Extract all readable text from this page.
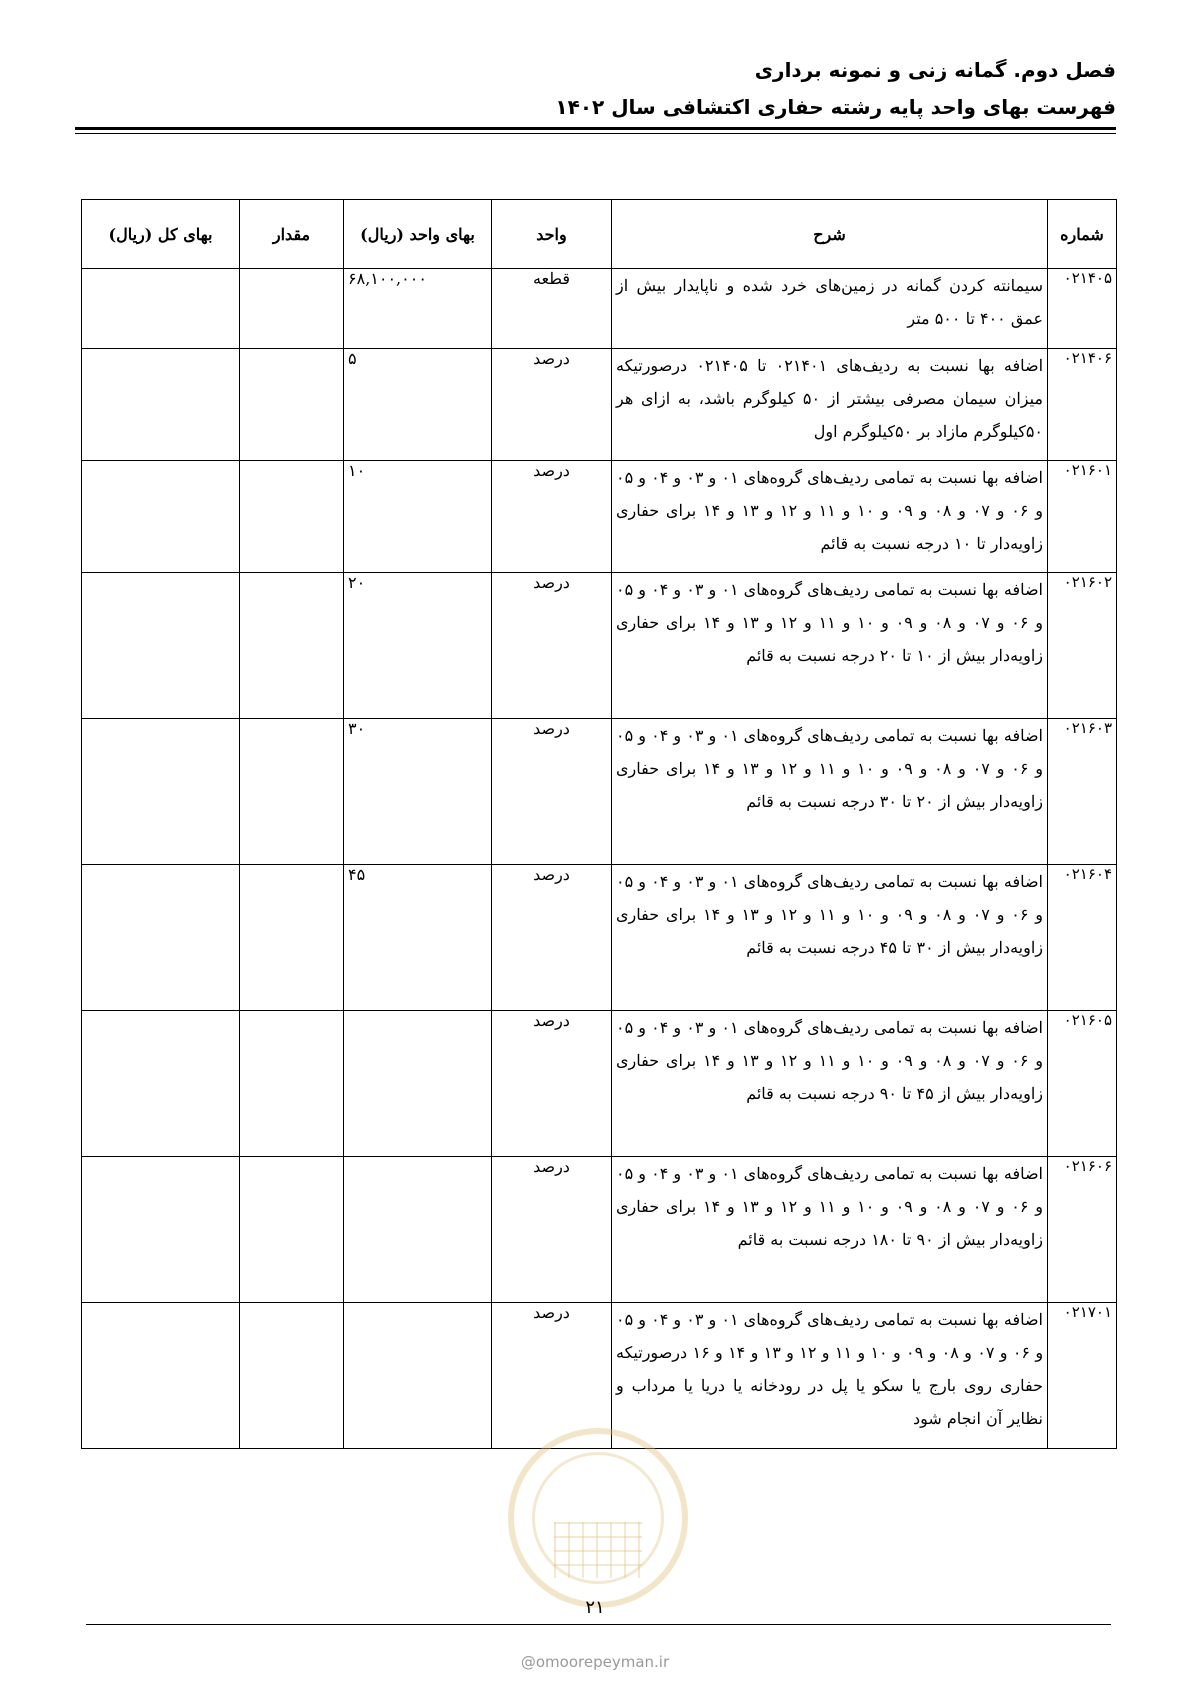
فصل دوم. گمانه زنی و نمونه برداری
فهرست بهای واحد پایه رشته حفاری اکتشافی سال ۱۴۰۲
شماره	شرح	واحد	بهای واحد (ریال)	مقدار	بهای کل (ریال)
۰۲۱۴۰۵	سیمانته کردن گمانه در زمین‌های خرد شده و ناپایدار بیش از عمق ۴۰۰ تا ۵۰۰ متر	قطعه	۶۸,۱۰۰,۰۰۰		
۰۲۱۴۰۶	اضافه بها نسبت به ردیف‌های ۰۲۱۴۰۱ تا ۰۲۱۴۰۵ درصورتیکه میزان سیمان مصرفی بیشتر از ۵۰ کیلوگرم باشد، به ازای هر ۵۰کیلوگرم مازاد بر ۵۰کیلوگرم اول	درصد	۵		
۰۲۱۶۰۱	اضافه بها نسبت به تمامی ردیف‌های گروه‌های ۰۱ و ۰۳ و ۰۴ و ۰۵ و ۰۶ و ۰۷ و ۰۸ و ۰۹ و ۱۰ و ۱۱ و ۱۲ و ۱۳ و ۱۴ برای حفاری زاویه‌دار تا ۱۰ درجه نسبت به قائم	درصد	۱۰		
۰۲۱۶۰۲	اضافه بها نسبت به تمامی ردیف‌های گروه‌های ۰۱ و ۰۳ و ۰۴ و ۰۵ و ۰۶ و ۰۷ و ۰۸ و ۰۹ و ۱۰ و ۱۱ و ۱۲ و ۱۳ و ۱۴ برای حفاری زاویه‌دار بیش از ۱۰ تا ۲۰ درجه نسبت به قائم	درصد	۲۰		
۰۲۱۶۰۳	اضافه بها نسبت به تمامی ردیف‌های گروه‌های ۰۱ و ۰۳ و ۰۴ و ۰۵ و ۰۶ و ۰۷ و ۰۸ و ۰۹ و ۱۰ و ۱۱ و ۱۲ و ۱۳ و ۱۴ برای حفاری زاویه‌دار بیش از ۲۰ تا ۳۰ درجه نسبت به قائم	درصد	۳۰		
۰۲۱۶۰۴	اضافه بها نسبت به تمامی ردیف‌های گروه‌های ۰۱ و ۰۳ و ۰۴ و ۰۵ و ۰۶ و ۰۷ و ۰۸ و ۰۹ و ۱۰ و ۱۱ و ۱۲ و ۱۳ و ۱۴ برای حفاری زاویه‌دار بیش از ۳۰ تا ۴۵ درجه نسبت به قائم	درصد	۴۵		
۰۲۱۶۰۵	اضافه بها نسبت به تمامی ردیف‌های گروه‌های ۰۱ و ۰۳ و ۰۴ و ۰۵ و ۰۶ و ۰۷ و ۰۸ و ۰۹ و ۱۰ و ۱۱ و ۱۲ و ۱۳ و ۱۴ برای حفاری زاویه‌دار بیش از ۴۵ تا ۹۰ درجه نسبت به قائم	درصد			
۰۲۱۶۰۶	اضافه بها نسبت به تمامی ردیف‌های گروه‌های ۰۱ و ۰۳ و ۰۴ و ۰۵ و ۰۶ و ۰۷ و ۰۸ و ۰۹ و ۱۰ و ۱۱ و ۱۲ و ۱۳ و ۱۴ برای حفاری زاویه‌دار بیش از ۹۰ تا ۱۸۰ درجه نسبت به قائم	درصد			
۰۲۱۷۰۱	اضافه بها نسبت به تمامی ردیف‌های گروه‌های ۰۱ و ۰۳ و ۰۴ و ۰۵ و ۰۶ و ۰۷ و ۰۸ و ۰۹ و ۱۰ و ۱۱ و ۱۲ و ۱۳ و ۱۴ و ۱۶ درصورتیکه حفاری روی بارج یا سکو یا پل در رودخانه یا دریا یا مرداب و نظایر آن انجام شود	درصد			
۲۱
@omoorepeyman.ir
